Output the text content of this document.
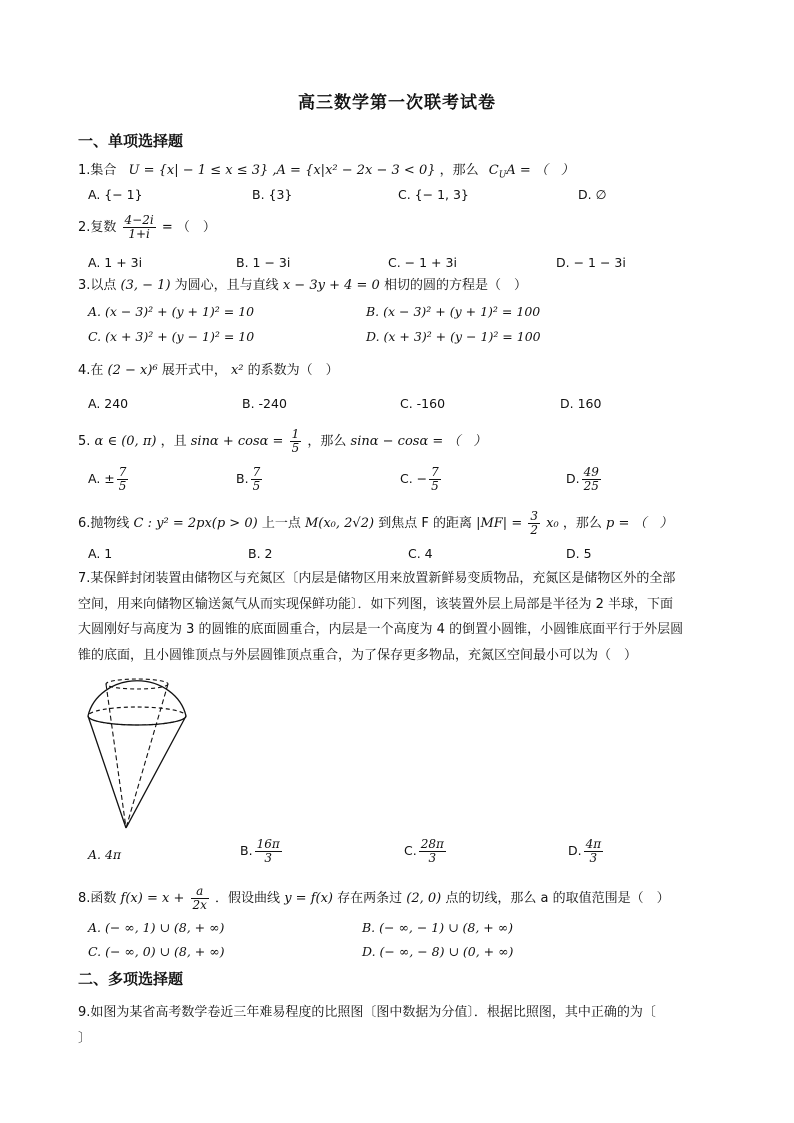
高三数学第一次联考试卷
一、单项选择题
1.集合 U = {x| − 1 ≤ x ≤ 3} ,A = {x|x² − 2x − 3 < 0} ，那么 $C_UA$ = （　）
A. {− 1}	B. {3}	C. {− 1, 3}	D. ∅
2.复数 $\frac{4-2i}{1+i}$ = （　）
A. 1 + 3i	B. 1 − 3i	C. − 1 + 3i	D. − 1 − 3i
3.以点 (3, − 1) 为圆心，且与直线 x − 3y + 4 = 0 相切的圆的方程是（　）
A. (x − 3)² + (y + 1)² = 10	B. (x − 3)² + (y + 1)² = 100
C. (x + 3)² + (y − 1)² = 10	D. (x + 3)² + (y − 1)² = 100
4.在 (2 − x)⁶ 展开式中， x² 的系数为（　）
A. 240	B. -240	C. -160	D. 160
5. α ∈ (0, π) ，且 $\sin\alpha + \cos\alpha = \frac{1}{5}$ ，那么 sinα − cosα = （　）
A. ± $\frac{7}{5}$	B. $\frac{7}{5}$	C. − $\frac{7}{5}$	D. $\frac{49}{25}$
6.抛物线 C : y² = 2px(p > 0) 上一点 M(x₀, 2√2) 到焦点 F 的距离 $|MF| = \frac{3}{2} x_0$ ，那么 p = （　）
A. 1	B. 2	C. 4	D. 5
7.某保鲜封闭装置由储物区与充氮区〔内层是储物区用来放置新鲜易变质物品，充氮区是储物区外的全部
空间，用来向储物区输送氮气从而实现保鲜功能〕．如下列图，该装置外层上局部是半径为 2 半球，下面
大圆刚好与高度为 3 的圆锥的底面圆重合，内层是一个高度为 4 的倒置小圆锥，小圆锥底面平行于外层圆
锥的底面，且小圆锥顶点与外层圆锥顶点重合，为了保存更多物品，充氮区空间最小可以为（　）
A. 4π	B. $\frac{16\pi}{3}$	C. $\frac{28\pi}{3}$	D. $\frac{4\pi}{3}$
8.函数 $f(x) = x + \frac{a}{2x}$ ．假设曲线 y = f(x) 存在两条过 (2, 0) 点的切线，那么 a 的取值范围是（　）
A. (− ∞, 1) ∪ (8, + ∞)	B. (− ∞, − 1) ∪ (8, + ∞)
C. (− ∞, 0) ∪ (8, + ∞)	D. (− ∞, − 8) ∪ (0, + ∞)
二、多项选择题
9.如图为某省高考数学卷近三年难易程度的比照图〔图中数据为分值〕．根据比照图，其中正确的为〔
〕
